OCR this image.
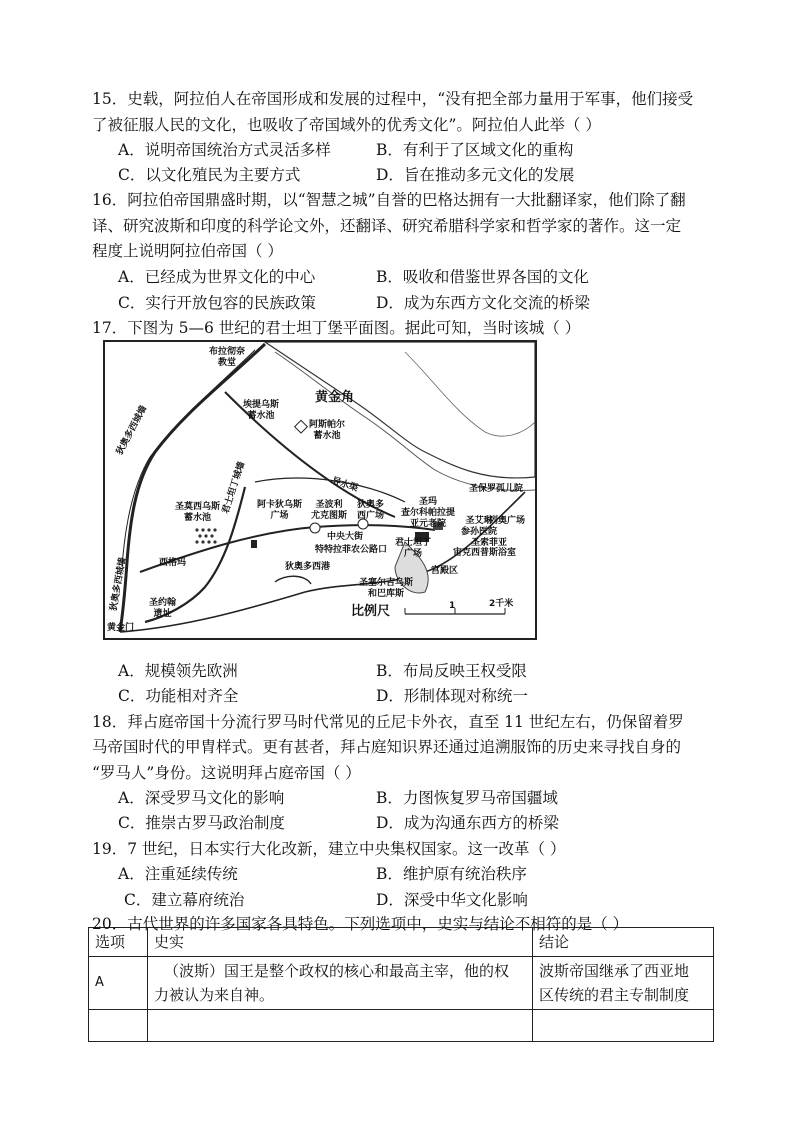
15．史载，阿拉伯人在帝国形成和发展的过程中，“没有把全部力量用于军事，他们接受
了被征服人民的文化，也吸收了帝国域外的优秀文化”。阿拉伯人此举（ ）
A．说明帝国统治方式灵活多样	B．有利于了区域文化的重构
C．以文化殖民为主要方式	D．旨在推动多元文化的发展
16．阿拉伯帝国鼎盛时期，以“智慧之城”自誉的巴格达拥有一大批翻译家，他们除了翻
译、研究波斯和印度的科学论文外，还翻译、研究希腊科学家和哲学家的著作。这一定
程度上说明阿拉伯帝国（ ）
A．已经成为世界文化的中心	B．吸收和借鉴世界各国的文化
C．实行开放包容的民族政策	D．成为东西方文化交流的桥梁
17．下图为 5—6 世纪的君士坦丁堡平面图。据此可知，当时该城（ ）
布拉彻奈
教堂
黄金角
埃提乌斯
蓄水池
阿斯帕尔
蓄水池
狄奥多西城墙
导水渠
圣莫西乌斯
蓄水池
阿卡狄乌斯
广场
圣波利
尤克图斯
狄奥多
西广场
圣玛
查尔科帕拉提
亚元老院
圣保罗孤儿院
圣艾琳
参孙医院
列奥广场
圣索菲亚
宙克西普斯浴室
君士坦丁城墙
中央大街
特特拉菲农公路口
君士坦丁
广场
宫殿区
西格玛	狄奥多西港
圣塞尔吉乌斯
和巴库斯
圣约翰
遗址
黄金门
狄奥多西城墙	比例尺	1	2千米
A．规模领先欧洲	B．布局反映王权受限
C．功能相对齐全	D．形制体现对称统一
18．拜占庭帝国十分流行罗马时代常见的丘尼卡外衣，直至 11 世纪左右，仍保留着罗
马帝国时代的甲胄样式。更有甚者，拜占庭知识界还通过追溯服饰的历史来寻找自身的
“罗马人”身份。这说明拜占庭帝国（ ）
A．深受罗马文化的影响	B．力图恢复罗马帝国疆域
C．推崇古罗马政治制度	D．成为沟通东西方的桥梁
19．7 世纪，日本实行大化改新，建立中央集权国家。这一改革（ ）
A．注重延续传统	B．维护原有统治秩序
C．建立幕府统治	D．深受中华文化影响
20．古代世界的许多国家各具特色。下列选项中，史实与结论不相符的是（ ）
选项	史实	结论
A	（波斯）国王是整个政权的核心和最高主宰，他的权
力被认为来自神。	波斯帝国继承了西亚地
区传统的君主专制制度
